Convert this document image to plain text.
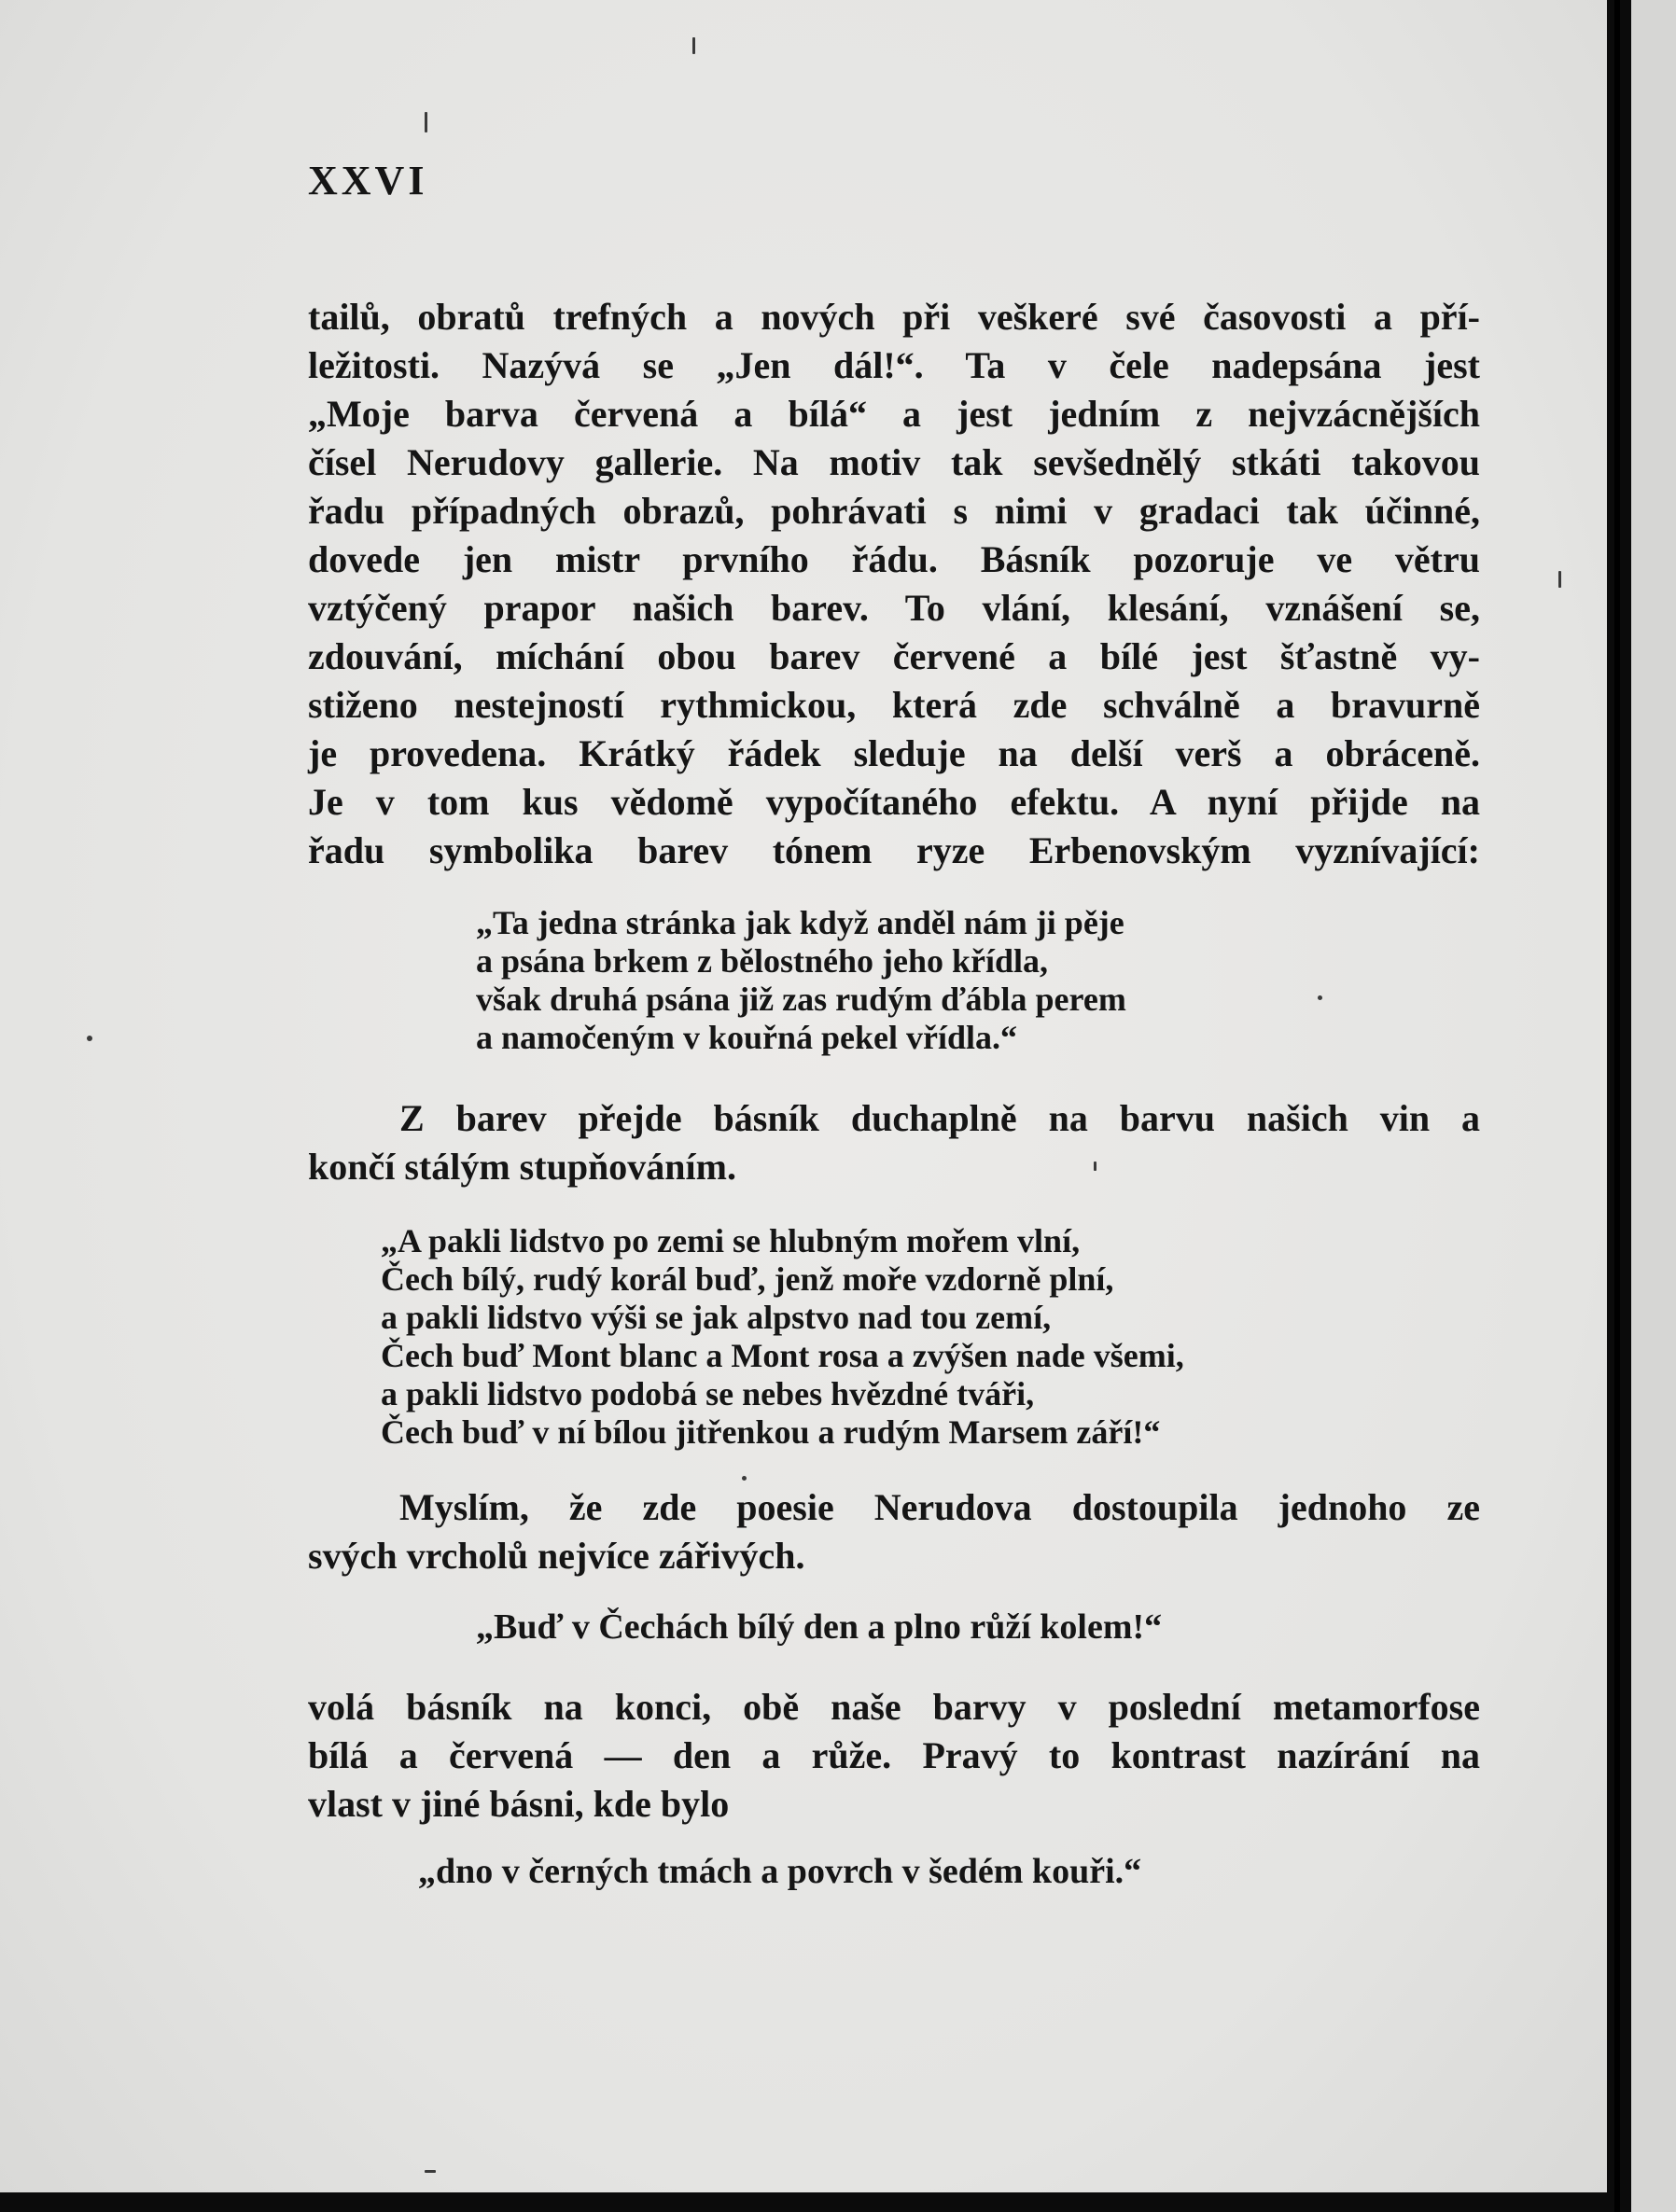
XXVI

tailů, obratů trefných a nových při veškeré své časovosti a pří-
ležitosti. Nazývá se „Jen dál!“. Ta v čele nadepsána jest
„Moje barva červená a bílá“ a jest jedním z nejvzácnějších
čísel Nerudovy gallerie. Na motiv tak sevšednělý stkáti takovou
řadu případných obrazů, pohrávati s nimi v gradaci tak účinné,
dovede jen mistr prvního řádu. Básník pozoruje ve větru
vztýčený prapor našich barev. To vlání, klesání, vznášení se,
zdouvání, míchání obou barev červené a bílé jest šťastně vy-
stiženo nestejností rythmickou, která zde schválně a bravurně
je provedena. Krátký řádek sleduje na delší verš a obráceně.
Je v tom kus vědomě vypočítaného efektu. A nyní přijde na
řadu symbolika barev tónem ryze Erbenovským vyznívající:
„Ta jedna stránka jak když anděl nám ji pěje
a psána brkem z bělostného jeho křídla,
však druhá psána již zas rudým ďábla perem
a namočeným v kouřná pekel vřídla.“
Z barev přejde básník duchaplně na barvu našich vin a
končí stálým stupňováním.
„A pakli lidstvo po zemi se hlubným mořem vlní,
Čech bílý, rudý korál buď, jenž moře vzdorně plní,
a pakli lidstvo výši se jak alpstvo nad tou zemí,
Čech buď Mont blanc a Mont rosa a zvýšen nade všemi,
a pakli lidstvo podobá se nebes hvězdné tváři,
Čech buď v ní bílou jitřenkou a rudým Marsem září!“
Myslím, že zde poesie Nerudova dostoupila jednoho ze
svých vrcholů nejvíce zářivých.

„Buď v Čechách bílý den a plno růží kolem!“

volá básník na konci, obě naše barvy v poslední metamorfose
bílá a červená — den a růže. Pravý to kontrast nazírání na
vlast v jiné básni, kde bylo

„dno v černých tmách a povrch v šedém kouři.“
